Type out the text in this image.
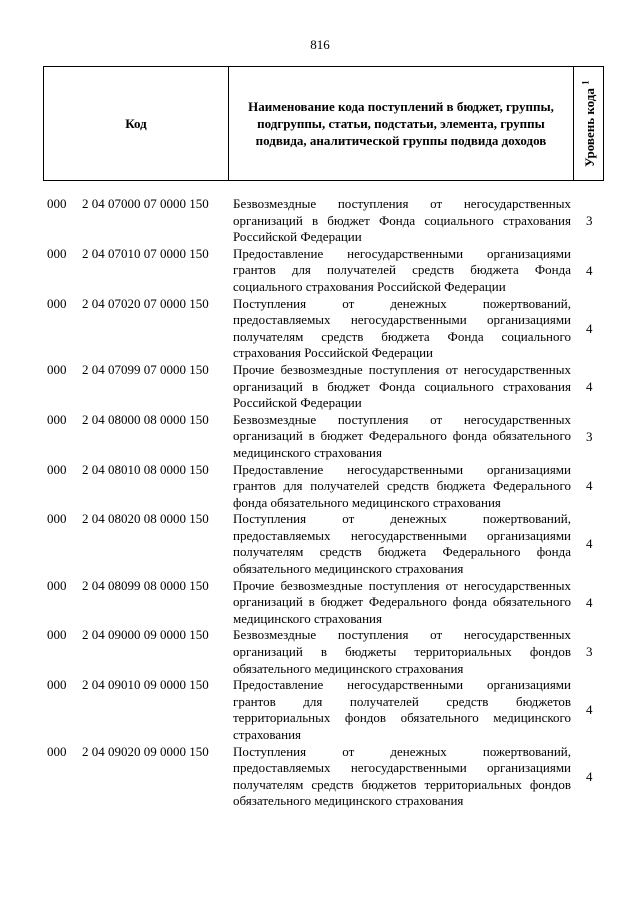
816
Код
Наименование кода поступлений в бюджет, группы, подгруппы, статьи, подстатьи, элемента, группы подвида, аналитической группы подвида доходов	Уровень кода $^1$
000 2 04 07000 07 0000 150 Безвозмездные поступления от негосударственных организаций в бюджет Фонда социального страхования Российской Федерации
3
000 2 04 07010 07 0000 150 Предоставление негосударственными организациями грантов для получателей средств бюджета Фонда социального страхования Российской Федерации
4
000 2 04 07020 07 0000 150 Поступления от денежных пожертвований, предоставляемых негосударственными организациями получателям средств бюджета Фонда социального страхования Российской Федерации
4
000 2 04 07099 07 0000 150 Прочие безвозмездные поступления от негосударственных организаций в бюджет Фонда социального страхования Российской Федерации
4
000 2 04 08000 08 0000 150 Безвозмездные поступления от негосударственных организаций в бюджет Федерального фонда обязательного медицинского страхования
3
000 2 04 08010 08 0000 150 Предоставление негосударственными организациями грантов для получателей средств бюджета Федерального фонда обязательного медицинского страхования
4
000 2 04 08020 08 0000 150 Поступления от денежных пожертвований, предоставляемых негосударственными организациями получателям средств бюджета Федерального фонда обязательного медицинского страхования
4
000 2 04 08099 08 0000 150 Прочие безвозмездные поступления от негосударственных организаций в бюджет Федерального фонда обязательного медицинского страхования
4
000 2 04 09000 09 0000 150 Безвозмездные поступления от негосударственных организаций в бюджеты территориальных фондов обязательного медицинского страхования
3
000 2 04 09010 09 0000 150 Предоставление негосударственными организациями грантов для получателей средств бюджетов территориальных фондов обязательного медицинского страхования
4
000 2 04 09020 09 0000 150 Поступления от денежных пожертвований, предоставляемых негосударственными организациями получателям средств бюджетов территориальных фондов обязательного медицинского страхования
4
